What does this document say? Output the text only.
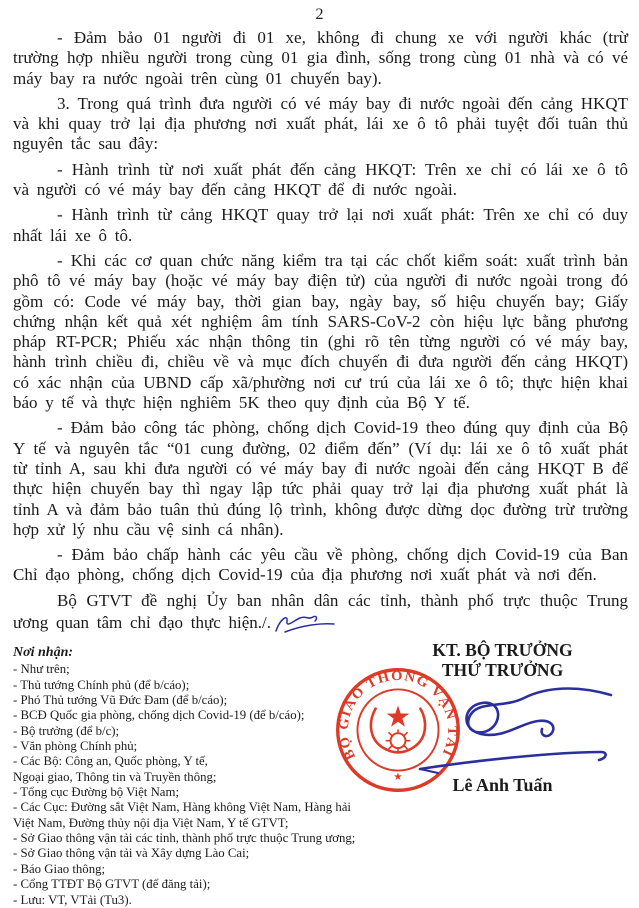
2

- Đảm bảo 01 người đi 01 xe, không đi chung xe với người khác (trừ trường hợp nhiều người trong cùng 01 gia đình, sống trong cùng 01 nhà và có vé máy bay ra nước ngoài trên cùng 01 chuyến bay).

3. Trong quá trình đưa người có vé máy bay đi nước ngoài đến cảng HKQT và khi quay trở lại địa phương nơi xuất phát, lái xe ô tô phải tuyệt đối tuân thủ nguyên tắc sau đây:

- Hành trình từ nơi xuất phát đến cảng HKQT: Trên xe chỉ có lái xe ô tô và người có vé máy bay đến cảng HKQT để đi nước ngoài.

- Hành trình từ cảng HKQT quay trở lại nơi xuất phát: Trên xe chỉ có duy nhất lái xe ô tô.

- Khi các cơ quan chức năng kiểm tra tại các chốt kiểm soát: xuất trình bản phô tô vé máy bay (hoặc vé máy bay điện tử) của người đi nước ngoài trong đó gồm có: Code vé máy bay, thời gian bay, ngày bay, số hiệu chuyến bay; Giấy chứng nhận kết quả xét nghiệm âm tính SARS-CoV-2 còn hiệu lực bằng phương pháp RT-PCR; Phiếu xác nhận thông tin (ghi rõ tên từng người có vé máy bay, hành trình chiều đi, chiều về và mục đích chuyến đi đưa người đến cảng HKQT) có xác nhận của UBND cấp xã/phường nơi cư trú của lái xe ô tô; thực hiện khai báo y tế và thực hiện nghiêm 5K theo quy định của Bộ Y tế.

- Đảm bảo công tác phòng, chống dịch Covid-19 theo đúng quy định của Bộ Y tế và nguyên tắc “01 cung đường, 02 điểm đến” (Ví dụ: lái xe ô tô xuất phát từ tỉnh A, sau khi đưa người có vé máy bay đi nước ngoài đến cảng HKQT B để thực hiện chuyến bay thì ngay lập tức phải quay trở lại địa phương xuất phát là tỉnh A và đảm bảo tuân thủ đúng lộ trình, không được dừng dọc đường trừ trường hợp xử lý nhu cầu vệ sinh cá nhân).

- Đảm bảo chấp hành các yêu cầu về phòng, chống dịch Covid-19 của Ban Chỉ đạo phòng, chống dịch Covid-19 của địa phương nơi xuất phát và nơi đến.

Bộ GTVT đề nghị Ủy ban nhân dân các tỉnh, thành phố trực thuộc Trung ương quan tâm chỉ đạo thực hiện./.

Nơi nhận:
- Như trên;
- Thủ tướng Chính phủ (để b/cáo);
- Phó Thủ tướng Vũ Đức Đam (để b/cáo);
- BCĐ Quốc gia phòng, chống dịch Covid-19 (để b/cáo);
- Bộ trưởng (để b/c);
- Văn phòng Chính phủ;
- Các Bộ: Công an, Quốc phòng, Y tế,
Ngoại giao, Thông tin và Truyền thông;
- Tổng cục Đường bộ Việt Nam;
- Các Cục: Đường sắt Việt Nam, Hàng không Việt Nam, Hàng hải
Việt Nam, Đường thủy nội địa Việt Nam, Y tế GTVT;
- Sở Giao thông vận tải các tỉnh, thành phố trực thuộc Trung ương;
- Sở Giao thông vận tải và Xây dựng Lào Cai;
- Báo Giao thông;
- Cổng TTĐT Bộ GTVT (để đăng tải);
- Lưu: VT, VTải (Tu3).
KT. BỘ TRƯỞNG
THỨ TRƯỞNG
BỘ GIAO THÔNG VẬN TẢI
★	Lê Anh Tuấn
